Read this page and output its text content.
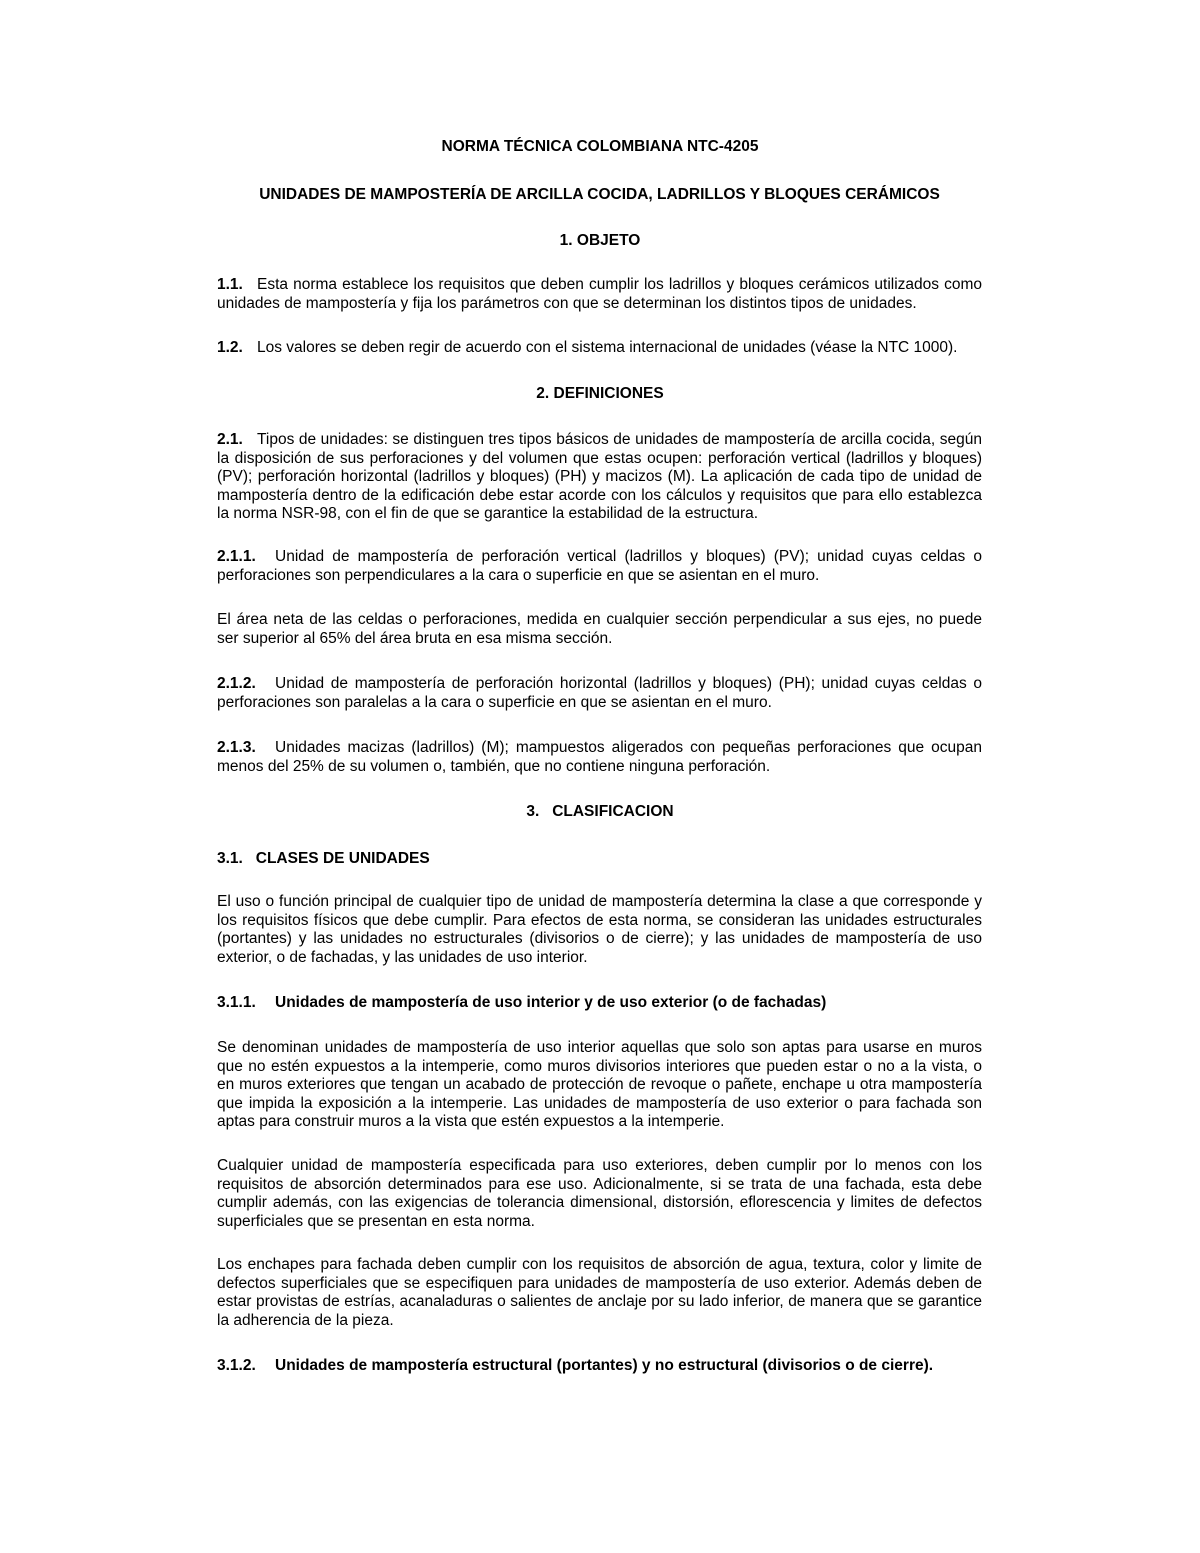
NORMA TÉCNICA COLOMBIANA NTC-4205
UNIDADES DE MAMPOSTERÍA DE ARCILLA COCIDA, LADRILLOS Y BLOQUES CERÁMICOS
1. OBJETO
1.1. Esta norma establece los requisitos que deben cumplir los ladrillos y bloques cerámicos utilizados como unidades de mampostería y fija los parámetros con que se determinan los distintos tipos de unidades.
1.2. Los valores se deben regir de acuerdo con el sistema internacional de unidades (véase la NTC 1000).
2. DEFINICIONES
2.1. Tipos de unidades: se distinguen tres tipos básicos de unidades de mampostería de arcilla cocida, según la disposición de sus perforaciones y del volumen que estas ocupen: perforación vertical (ladrillos y bloques) (PV); perforación horizontal (ladrillos y bloques) (PH) y macizos (M). La aplicación de cada tipo de unidad de mampostería dentro de la edificación debe estar acorde con los cálculos y requisitos que para ello establezca la norma NSR-98, con el fin de que se garantice la estabilidad de la estructura.
2.1.1. Unidad de mampostería de perforación vertical (ladrillos y bloques) (PV); unidad cuyas celdas o perforaciones son perpendiculares a la cara o superficie en que se asientan en el muro.
El área neta de las celdas o perforaciones, medida en cualquier sección perpendicular a sus ejes, no puede ser superior al 65% del área bruta en esa misma sección.
2.1.2. Unidad de mampostería de perforación horizontal (ladrillos y bloques) (PH); unidad cuyas celdas o perforaciones son paralelas a la cara o superficie en que se asientan en el muro.
2.1.3. Unidades macizas (ladrillos) (M); mampuestos aligerados con pequeñas perforaciones que ocupan menos del 25% de su volumen o, también, que no contiene ninguna perforación.
3.   CLASIFICACION
3.1.   CLASES DE UNIDADES
El uso o función principal de cualquier tipo de unidad de mampostería determina la clase a que corresponde y los requisitos físicos que debe cumplir. Para efectos de esta norma, se consideran las unidades estructurales (portantes) y las unidades no estructurales (divisorios o de cierre); y las unidades de mampostería de uso exterior, o de fachadas, y las unidades de uso interior.
3.1.1. Unidades de mampostería de uso interior y de uso exterior (o de fachadas)
Se denominan unidades de mampostería de uso interior aquellas que solo son aptas para usarse en muros que no estén expuestos a la intemperie, como muros divisorios interiores que pueden estar o no a la vista, o en muros exteriores que tengan un acabado de protección de revoque o pañete, enchape u otra mampostería que impida la exposición a la intemperie. Las unidades de mampostería de uso exterior o para fachada son aptas para construir muros a la vista que estén expuestos a la intemperie.
Cualquier unidad de mampostería especificada para uso exteriores, deben cumplir por lo menos con los requisitos de absorción determinados para ese uso. Adicionalmente, si se trata de una fachada, esta debe cumplir además, con las exigencias de tolerancia dimensional, distorsión, eflorescencia y limites de defectos superficiales que se presentan en esta norma.
Los enchapes para fachada deben cumplir con los requisitos de absorción de agua, textura, color y limite de defectos superficiales que se especifiquen para unidades de mampostería de uso exterior. Además deben de estar provistas de estrías, acanaladuras o salientes de anclaje por su lado inferior, de manera que se garantice la adherencia de la pieza.
3.1.2. Unidades de mampostería estructural (portantes) y no estructural (divisorios o de cierre).
